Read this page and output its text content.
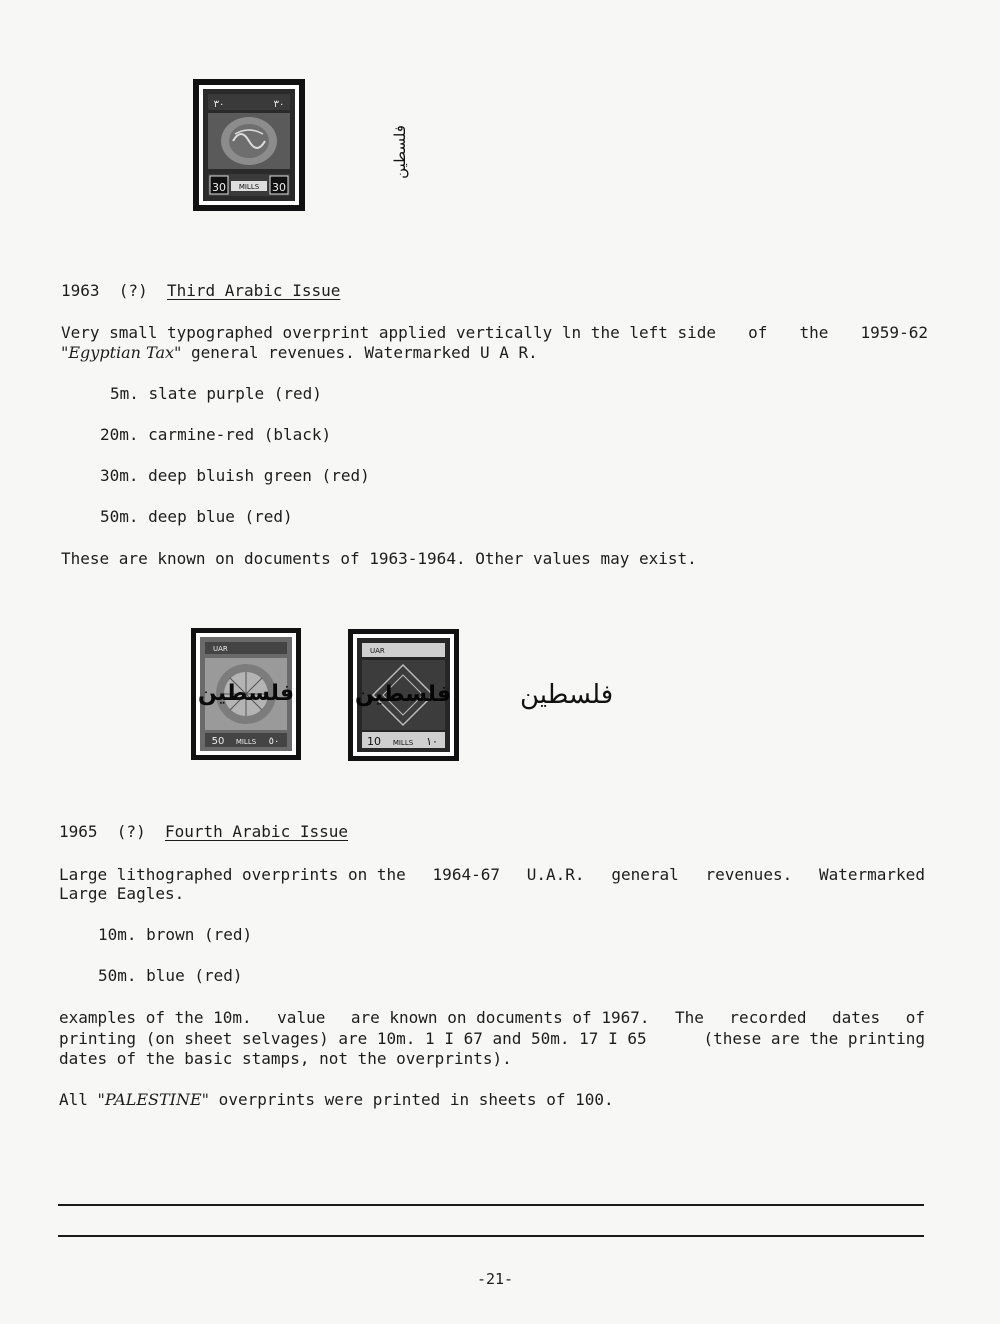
30	30
MILLS
٣٠	٣٠
فلسطين
1963 (?) Third Arabic Issue
Very small typographed overprint applied vertically ln the left side of the 1959-62
"Egyptian Tax" general revenues. Watermarked U A R.
5m. slate purple (red)
20m. carmine-red (black)
30m. deep bluish green (red)
50m. deep blue (red)
These are known on documents of 1963-1964. Other values may exist.
UAR
50 MILLS ٥٠
فلسطين
UAR
10 MILLS ١٠
فلسطين	فلسطين
1965 (?) Fourth Arabic Issue
Large lithographed overprints on the 1964-67 U.A.R. general revenues. Watermarked
Large Eagles.
10m. brown (red)
50m. blue (red)
examples of the 10m. value are known on documents of 1967. The recorded dates of
printing (on sheet selvages) are 10m. 1 I 67 and 50m. 17 I 65	(these are the printing
dates of the basic stamps, not the overprints).
All "PALESTINE" overprints were printed in sheets of 100.
-21-
